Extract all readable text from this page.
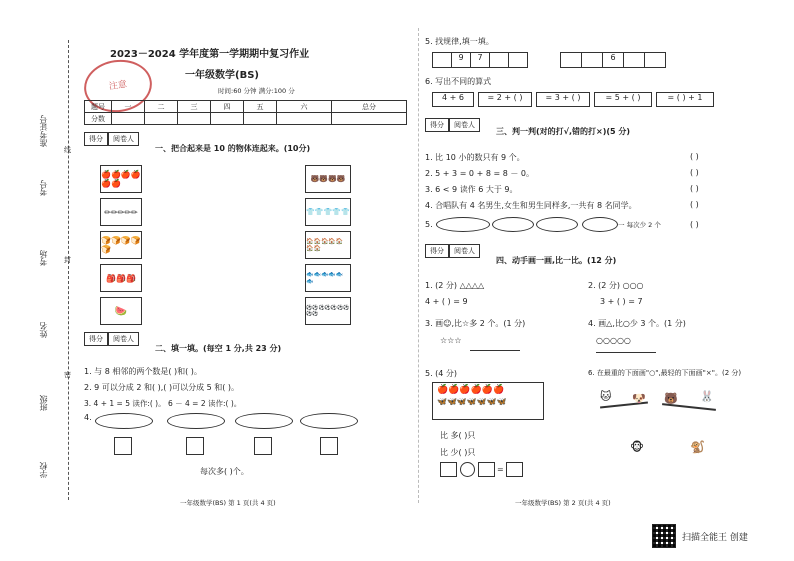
准考证号
考号
考场
姓名
班级
学校
线
封
密
注意
2023－2024 学年度第一学期期中复习作业
一年级数学(BS)
时间:60 分钟 满分:100 分
题号	一	二	三	四	五	六	总分
分数							
得分	阅卷人
一、把合起来是 10 的物体连起来。(10分)
🍎🍎🍎🍎🍎🍎
✏✏✏✏✏
🍞🍞🍞🍞🍞
🎒🎒🎒
🍉
🐻🐻🐻🐻
👕👕👕👕👕
🏠🏠🏠🏠🏠🏠🏠
🐟🐟🐟🐟🐟🐟
⚽⚽⚽⚽⚽⚽⚽⚽⚽
得分	阅卷人
二、填一填。(每空 1 分,共 23 分)
1. 与 8 相邻的两个数是( )和( )。
2. 9 可以分成 2 和( ),( )可以分成 5 和( )。
3. 4 + 1 = 5 读作:( )。 6 － 4 = 2 读作:( )。
4.
每次多( )个。
一年级数学(BS) 第 1 页(共 4 页)
5. 找规律,填一填。
9	7	6
6. 写出不同的算式
4 + 6	= 2 + ( )	= 3 + ( )	= 5 + ( )	= ( ) + 1
得分	阅卷人
三、判一判(对的打√,错的打×)(5 分)
1. 比 10 小的数只有 9 个。
2. 5 + 3 = 0 + 8 = 8 － 0。
3. 6 < 9 读作 6 大于 9。
4. 合唱队有 4 名男生,女生和男生同样多,一共有 8 名同学。
5.	一 每次少 2 个
( )
( )
( )
( )
( )
得分	阅卷人
四、动手画一画,比一比。(12 分)
1. (2 分) △△△△
4 + ( ) = 9
2. (2 分) ○○○
3 + ( ) = 7
3. 画☺,比☆多 2 个。(1 分)
☆☆☆
4. 画△,比○少 3 个。(1 分)
○○○○○
5. (4 分)
🍎🍎🍎🍎🍎🍎
🦋🦋🦋🦋🦋🦋🦋
比 多( )只
比 少( )只
=
6. 在最重的下面画"○",最轻的下面画"×"。(2 分)
🐱 🐶 🐻 🐰
🐵	🐒
一年级数学(BS) 第 2 页(共 4 页)
扫描全能王 创建
